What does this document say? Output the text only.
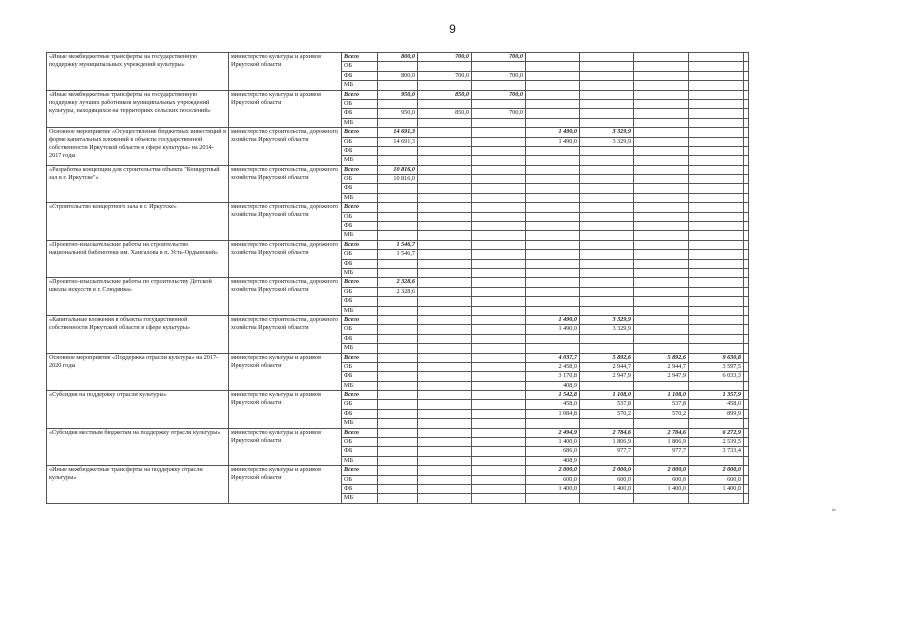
9
«Иные межбюджетные трансферты на государственную поддержку муниципальных учреждений культуры»	министерство культуры и архивов Иркутской области	Всего	800,0	700,0	700,0					
		ОБ								
		ФБ	800,0	700,0	700,0					
		МБ								
«Иные межбюджетные трансферты на государственную поддержку лучших работников муниципальных учреждений культуры, находящихся на территориях сельских поселений»	министерство культуры и архивов Иркутской области	Всего	950,0	850,0	700,0					
		ОБ								
		ФБ	950,0	850,0	700,0					
		МБ								
Основное мероприятие «Осуществление бюджетных инвестиций в форме капитальных вложений в объекты государственной собственности Иркутской области в сфере культуры» на 2014-2017 годы	министерство строительства, дорожного хозяйства Иркутской области	Всего	14 691,3			1 490,0	3 329,9			
		ОБ	14 691,3			1 490,0	3 329,9			
		ФБ								
		МБ								
«Разработка концепции для строительства объекта "Концертный зал в г. Иркутске"»	министерство строительства, дорожного хозяйства Иркутской области	Всего	10 816,0							
		ОБ	10 816,0							
		ФБ								
		МБ								
«Строительство концертного зала в г. Иркутске»	министерство строительства, дорожного хозяйства Иркутской области	Всего								
		ОБ								
		ФБ								
		МБ								
«Проектно-изыскательские работы на строительство национальной библиотеки им. Хангалова в п. Усть-Ордынский»	министерство строительства, дорожного хозяйства Иркутской области	Всего	1 546,7							
		ОБ	1 546,7							
		ФБ								
		МБ								
«Проектно-изыскательские работы по строительству Детской школы искусств в г. Слюдянка»	министерство строительства, дорожного хозяйства Иркутской области	Всего	2 328,6							
		ОБ	2 328,6							
		ФБ								
		МБ								
«Капитальные вложения в объекты государственной собственности Иркутской области в сфере культуры»	министерство строительства, дорожного хозяйства Иркутской области	Всего				1 490,0	3 329,9			
		ОБ				1 490,0	3 329,9			
		ФБ								
		МБ								
Основное мероприятие «Поддержка отрасли культура» на 2017-2020 годы	министерство культуры и архивов Иркутской области	Всего				4 037,7	5 892,6	5 892,6	9 630,8	
		ОБ				2 458,0	2 944,7	2 944,7	3 597,5	
		ФБ				3 170,8	2 947,9	2 947,9	6 033,3	
		МБ				408,9				
«Субсидия на поддержку отрасли культуры»	министерство культуры и архивов Иркутской области	Всего				1 542,8	1 108,0	1 108,0	1 357,9	
		ОБ				458,0	537,8	537,8	458,0	
		ФБ				1 084,8	570,2	570,2	899,9	
		МБ								
«Субсидия местным бюджетам на поддержку отрасли культуры»	министерство культуры и архивов Иркутской области	Всего				2 494,9	2 784,6	2 784,6	6 272,9	
		ОБ				1 400,0	1 806,9	1 806,9	2 539,5	
		ФБ				686,0	977,7	977,7	3 733,4	
		МБ				408,9				
«Иные межбюджетные трансферты на поддержку отрасли культуры»	министерство культуры и архивов Иркутской области	Всего				2 000,0	2 000,0	2 000,0	2 000,0	
		ОБ				600,0	600,0	600,0	600,0	
		ФБ				1 400,0	1 400,0	1 400,0	1 400,0	
		МБ								
».
